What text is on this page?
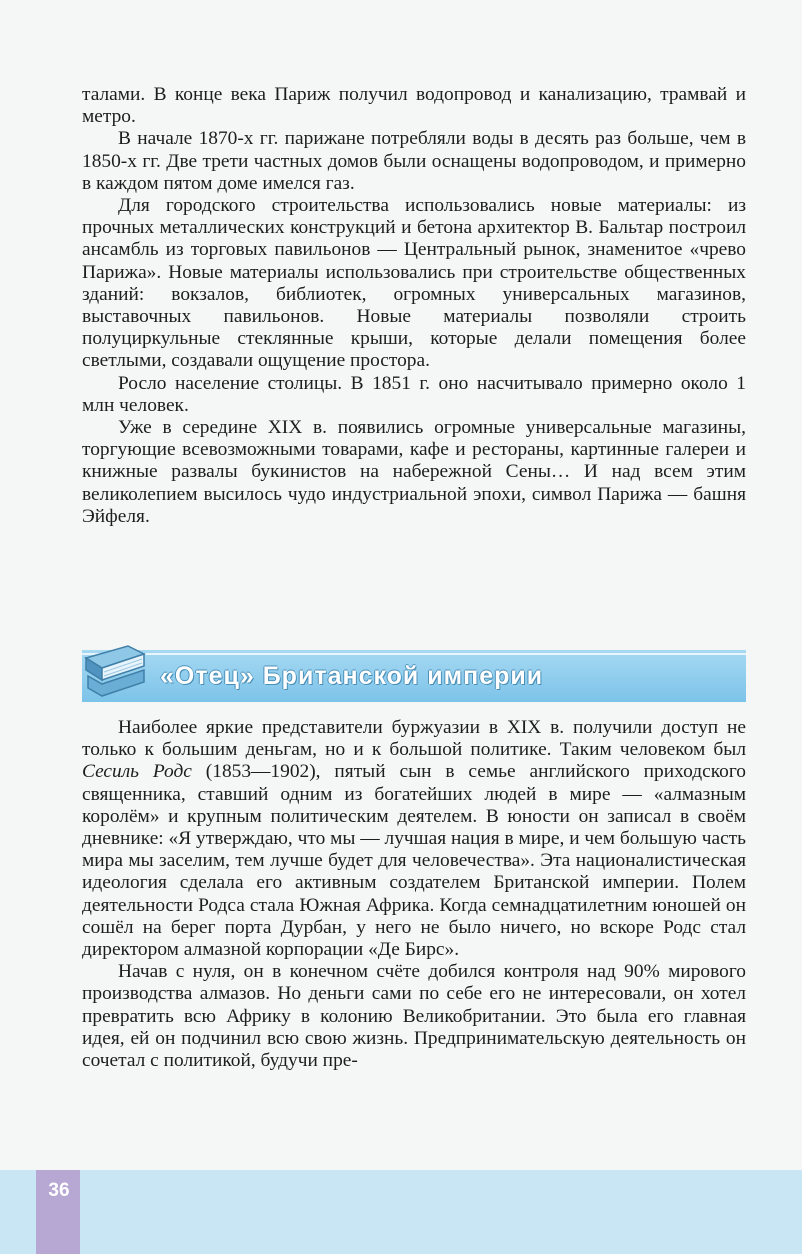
36

талами. В конце века Париж получил водопровод и канализацию, трамвай и метро.

В начале 1870-х гг. парижане потребляли воды в десять раз больше, чем в 1850-х гг. Две трети частных домов были оснащены водопроводом, и примерно в каждом пятом доме имелся газ.

Для городского строительства использовались новые материалы: из прочных металлических конструкций и бетона архитектор В. Бальтар построил ансамбль из торговых павильонов — Центральный рынок, знаменитое «чрево Парижа». Новые материалы использовались при строительстве общественных зданий: вокзалов, библиотек, огромных универсальных магазинов, выставочных павильонов. Новые материалы позволяли строить полуциркульные стеклянные крыши, которые делали помещения более светлыми, создавали ощущение простора.

Росло население столицы. В 1851 г. оно насчитывало примерно около 1 млн человек.

Уже в середине XIX в. появились огромные универсальные магазины, торгующие всевозможными товарами, кафе и рестораны, картинные галереи и книжные развалы букинистов на набережной Сены… И над всем этим великолепием высилось чудо индустриальной эпохи, символ Парижа — башня Эйфеля.

«Отец» Британской империи

Наиболее яркие представители буржуазии в XIX в. получили доступ не только к большим деньгам, но и к большой политике. Таким человеком был Сесиль Родс (1853—1902), пятый сын в семье английского приходского священника, ставший одним из богатейших людей в мире — «алмазным королём» и крупным политическим деятелем. В юности он записал в своём дневнике: «Я утверждаю, что мы — лучшая нация в мире, и чем большую часть мира мы заселим, тем лучше будет для человечества». Эта националистическая идеология сделала его активным создателем Британской империи. Полем деятельности Родса стала Южная Африка. Когда семнадцатилетним юношей он сошёл на берег порта Дурбан, у него не было ничего, но вскоре Родс стал директором алмазной корпорации «Де Бирс».

Начав с нуля, он в конечном счёте добился контроля над 90% мирового производства алмазов. Но деньги сами по себе его не интересовали, он хотел превратить всю Африку в колонию Великобритании. Это была его главная идея, ей он подчинил всю свою жизнь. Предпринимательскую деятельность он сочетал с политикой, будучи пре-
